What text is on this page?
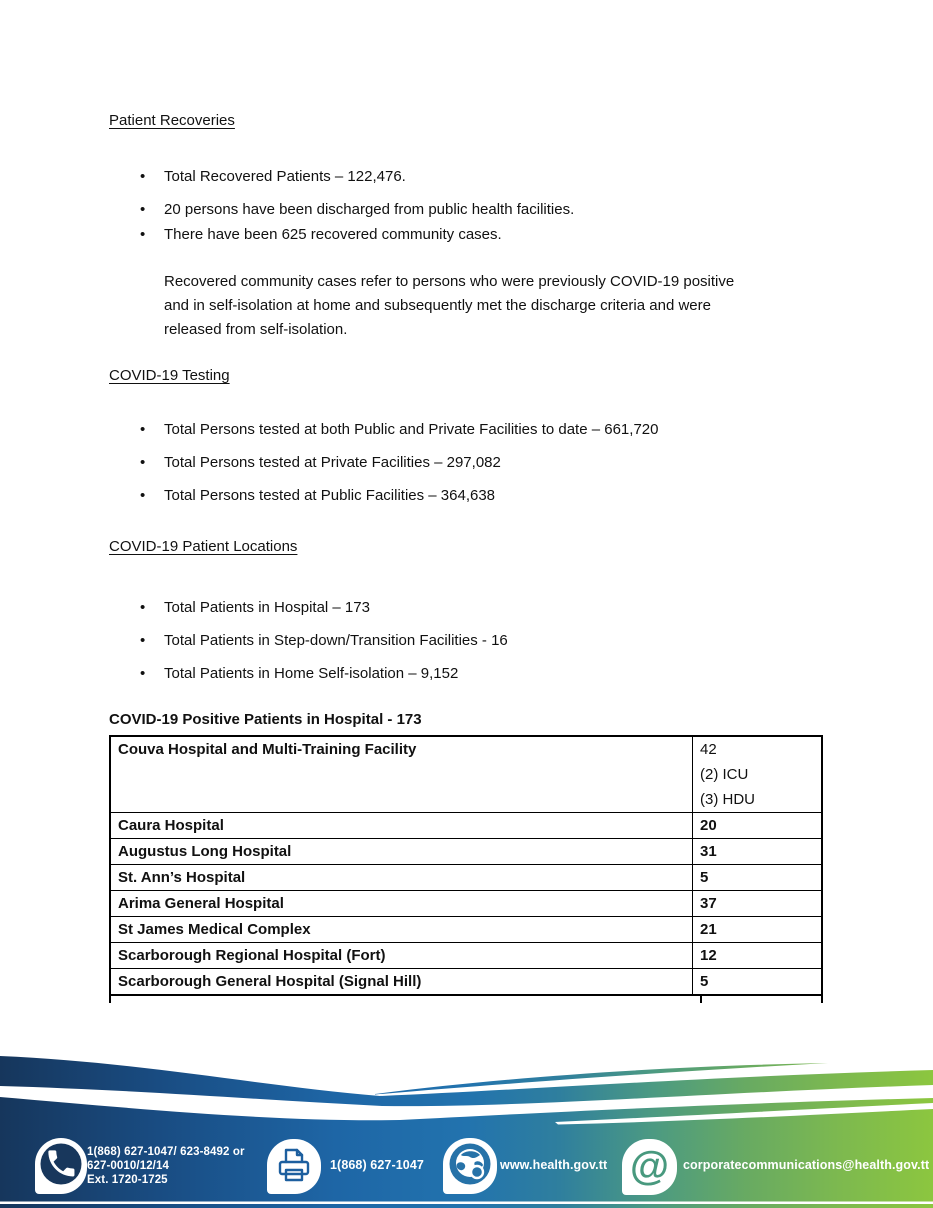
Patient Recoveries
• Total Recovered Patients – 122,476.
• 20 persons have been discharged from public health facilities.
• There have been 625 recovered community cases.
Recovered community cases refer to persons who were previously COVID-19 positive
and in self-isolation at home and subsequently met the discharge criteria and were
released from self-isolation.
COVID-19 Testing
• Total Persons tested at both Public and Private Facilities to date – 661,720
• Total Persons tested at Private Facilities – 297,082
• Total Persons tested at Public Facilities – 364,638
COVID-19 Patient Locations
• Total Patients in Hospital – 173
• Total Patients in Step-down/Transition Facilities - 16
• Total Patients in Home Self-isolation – 9,152
COVID-19 Positive Patients in Hospital - 173
Couva Hospital and Multi-Training Facility	42
(2) ICU
(3) HDU

Caura Hospital	20
Augustus Long Hospital	31
St. Ann’s Hospital	5
Arima General Hospital	37
St James Medical Complex	21
Scarborough Regional Hospital (Fort)	12
Scarborough General Hospital (Signal Hill)	5
1(868) 627-1047/ 623-8492 or
627-0010/12/14
Ext. 1720-1725
1(868) 627-1047	www.health.gov.tt @ corporatecommunications@health.gov.tt
